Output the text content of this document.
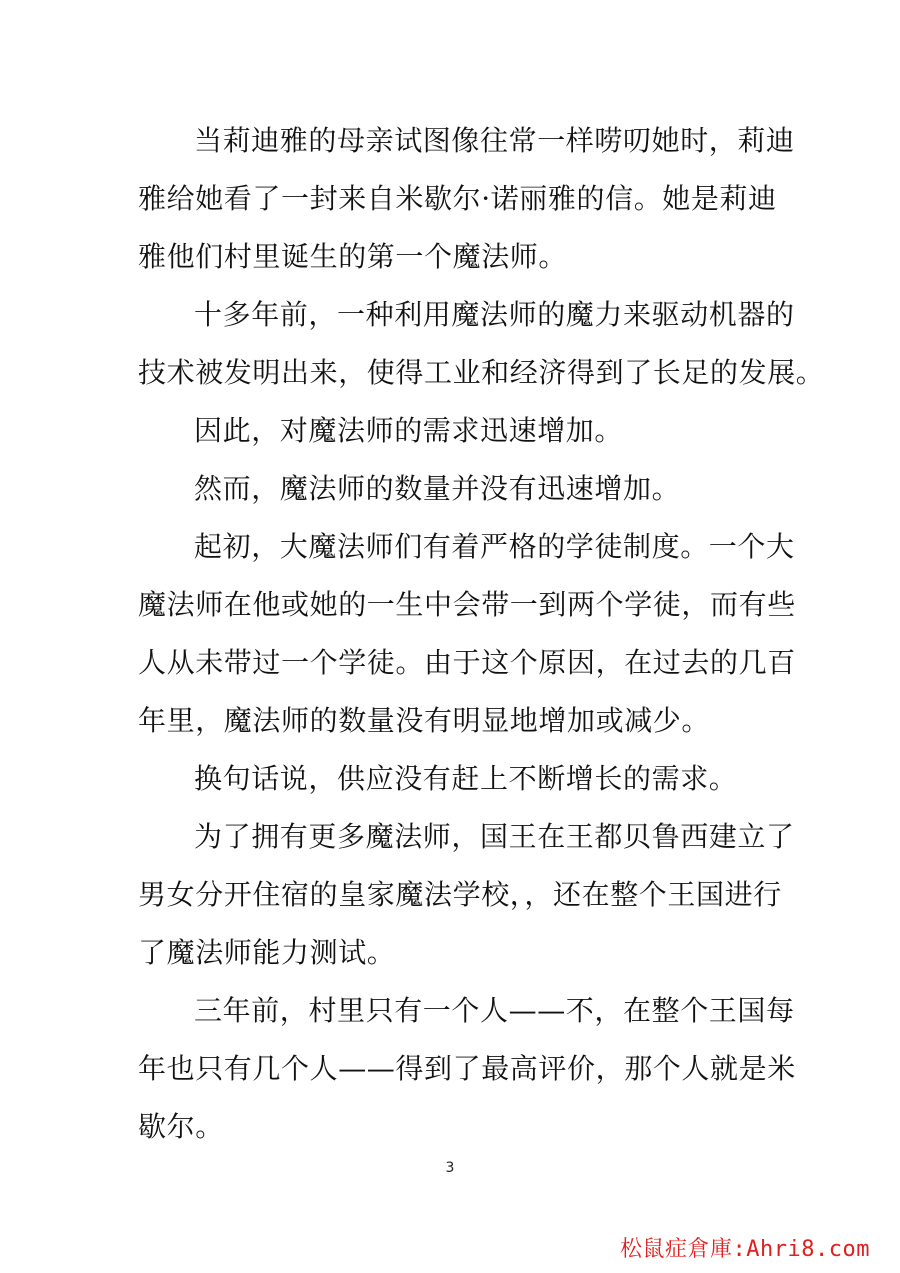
当莉迪雅的母亲试图像往常一样唠叨她时，莉迪
雅给她看了一封来自米歇尔·诺丽雅的信。她是莉迪
雅他们村里诞生的第一个魔法师。

十多年前，一种利用魔法师的魔力来驱动机器的
技术被发明出来，使得工业和经济得到了长足的发展。

因此，对魔法师的需求迅速增加。

然而，魔法师的数量并没有迅速增加。

起初，大魔法师们有着严格的学徒制度。一个大
魔法师在他或她的一生中会带一到两个学徒，而有些
人从未带过一个学徒。由于这个原因，在过去的几百
年里，魔法师的数量没有明显地增加或减少。

换句话说，供应没有赶上不断增长的需求。

为了拥有更多魔法师，国王在王都贝鲁西建立了
男女分开住宿的皇家魔法学校，，还在整个王国进行
了魔法师能力测试。

三年前，村里只有一个人——不，在整个王国每
年也只有几个人——得到了最高评价，那个人就是米
歇尔。

3
松鼠症倉庫:Ahri8.com
